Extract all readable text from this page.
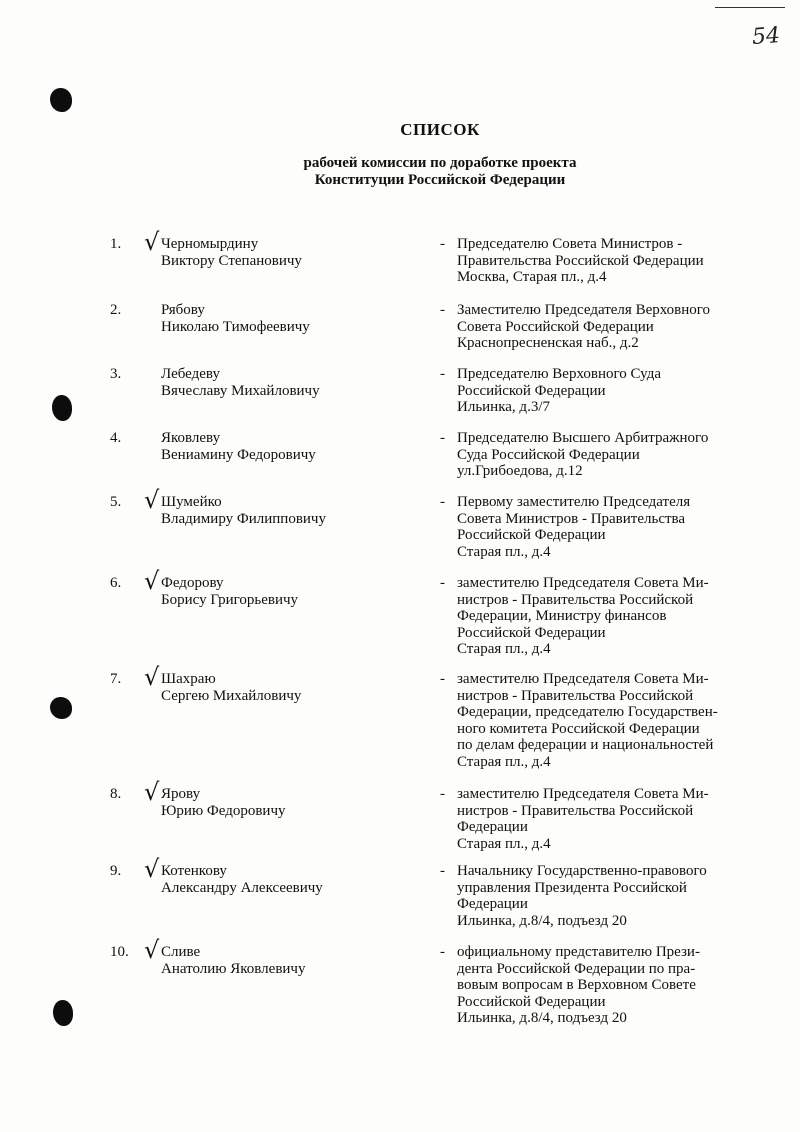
54
СПИСОК
рабочей комиссии по доработке проекта
Конституции Российской Федерации
1. √ Черномырдину
Виктору Степановичу
- Председателю Совета Министров -
Правительства Российской Федерации
Москва, Старая пл., д.4
2.	Рябову
Николаю Тимофеевичу
- Заместителю Председателя Верховного
Совета Российской Федерации
Краснопресненская наб., д.2
3.	Лебедеву
Вячеславу Михайловичу
- Председателю Верховного Суда
Российской Федерации
Ильинка, д.3/7
4.	Яковлеву
Вениамину Федоровичу
- Председателю Высшего Арбитражного
Суда Российской Федерации
ул.Грибоедова, д.12
5. √ Шумейко
Владимиру Филипповичу
- Первому заместителю Председателя
Совета Министров - Правительства
Российской Федерации
Старая пл., д.4
6. √ Федорову
Борису Григорьевичу
- заместителю Председателя Совета Ми-
нистров - Правительства Российской
Федерации, Министру финансов
Российской Федерации
Старая пл., д.4
7. √ Шахраю
Сергею Михайловичу
- заместителю Председателя Совета Ми-
нистров - Правительства Российской
Федерации, председателю Государствен-
ного комитета Российской Федерации
по делам федерации и национальностей
Старая пл., д.4
8. √ Ярову
Юрию Федоровичу
- заместителю Председателя Совета Ми-
нистров - Правительства Российской
Федерации
Старая пл., д.4
9. √ Котенкову
Александру Алексеевичу
- Начальнику Государственно-правового
управления Президента Российской
Федерации
Ильинка, д.8/4, подъезд 20
10. √ Сливе
Анатолию Яковлевичу
- официальному представителю Прези-
дента Российской Федерации по пра-
вовым вопросам в Верховном Совете
Российской Федерации
Ильинка, д.8/4, подъезд 20
